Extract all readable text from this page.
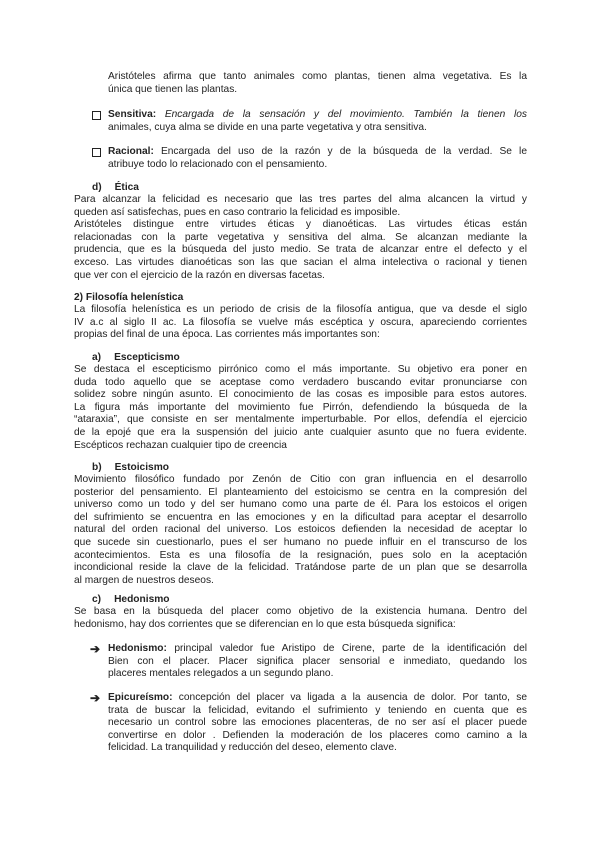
Aristóteles afirma que tanto animales como plantas, tienen alma vegetativa. Es la
única que tienen las plantas.
Sensitiva: Encargada de la sensación y del movimiento. También la tienen los
animales, cuya alma se divide en una parte vegetativa y otra sensitiva.
Racional: Encargada del uso de la razón y de la búsqueda de la verdad. Se le
atribuye todo lo relacionado con el pensamiento.
d) Ética
Para alcanzar la felicidad es necesario que las tres partes del alma alcancen la virtud y
queden así satisfechas, pues en caso contrario la felicidad es imposible.
Aristóteles distingue entre virtudes éticas y dianoéticas. Las virtudes éticas están
relacionadas con la parte vegetativa y sensitiva del alma. Se alcanzan mediante la
prudencia, que es la búsqueda del justo medio. Se trata de alcanzar entre el defecto y el
exceso. Las virtudes dianoéticas son las que sacian el alma intelectiva o racional y tienen
que ver con el ejercicio de la razón en diversas facetas.
2) Filosofía helenística
La filosofía helenística es un periodo de crisis de la filosofía antigua, que va desde el siglo
IV a.c al siglo II ac. La filosofía se vuelve más escéptica y oscura, apareciendo corrientes
propias del final de una época. Las corrientes más importantes son:
a) Escepticismo
Se destaca el escepticismo pirrónico como el más importante. Su objetivo era poner en
duda todo aquello que se aceptase como verdadero buscando evitar pronunciarse con
solidez sobre ningún asunto. El conocimiento de las cosas es imposible para estos autores.
La figura más importante del movimiento fue Pirrón, defendiendo la búsqueda de la
“ataraxia”, que consiste en ser mentalmente imperturbable. Por ellos, defendía el ejercicio
de la epojé que era la suspensión del juicio ante cualquier asunto que no fuera evidente.
Escépticos rechazan cualquier tipo de creencia
b) Estoicismo
Movimiento filosófico fundado por Zenón de Citio con gran influencia en el desarrollo
posterior del pensamiento. El planteamiento del estoicismo se centra en la compresión del
universo como un todo y del ser humano como una parte de él. Para los estoicos el origen
del sufrimiento se encuentra en las emociones y en la dificultad para aceptar el desarrollo
natural del orden racional del universo. Los estoicos defienden la necesidad de aceptar lo
que sucede sin cuestionarlo, pues el ser humano no puede influir en el transcurso de los
acontecimientos. Esta es una filosofía de la resignación, pues solo en la aceptación
incondicional reside la clave de la felicidad. Tratándose parte de un plan que se desarrolla
al margen de nuestros deseos.
c) Hedonismo
Se basa en la búsqueda del placer como objetivo de la existencia humana. Dentro del
hedonismo, hay dos corrientes que se diferencian en lo que esta búsqueda significa:
➔ Hedonismo: principal valedor fue Aristipo de Cirene, parte de la identificación del
Bien con el placer. Placer significa placer sensorial e inmediato, quedando los
placeres mentales relegados a un segundo plano.
➔ Epicureísmo: concepción del placer va ligada a la ausencia de dolor. Por tanto, se
trata de buscar la felicidad, evitando el sufrimiento y teniendo en cuenta que es
necesario un control sobre las emociones placenteras, de no ser así el placer puede
convertirse en dolor . Defienden la moderación de los placeres como camino a la
felicidad. La tranquilidad y reducción del deseo, elemento clave.
